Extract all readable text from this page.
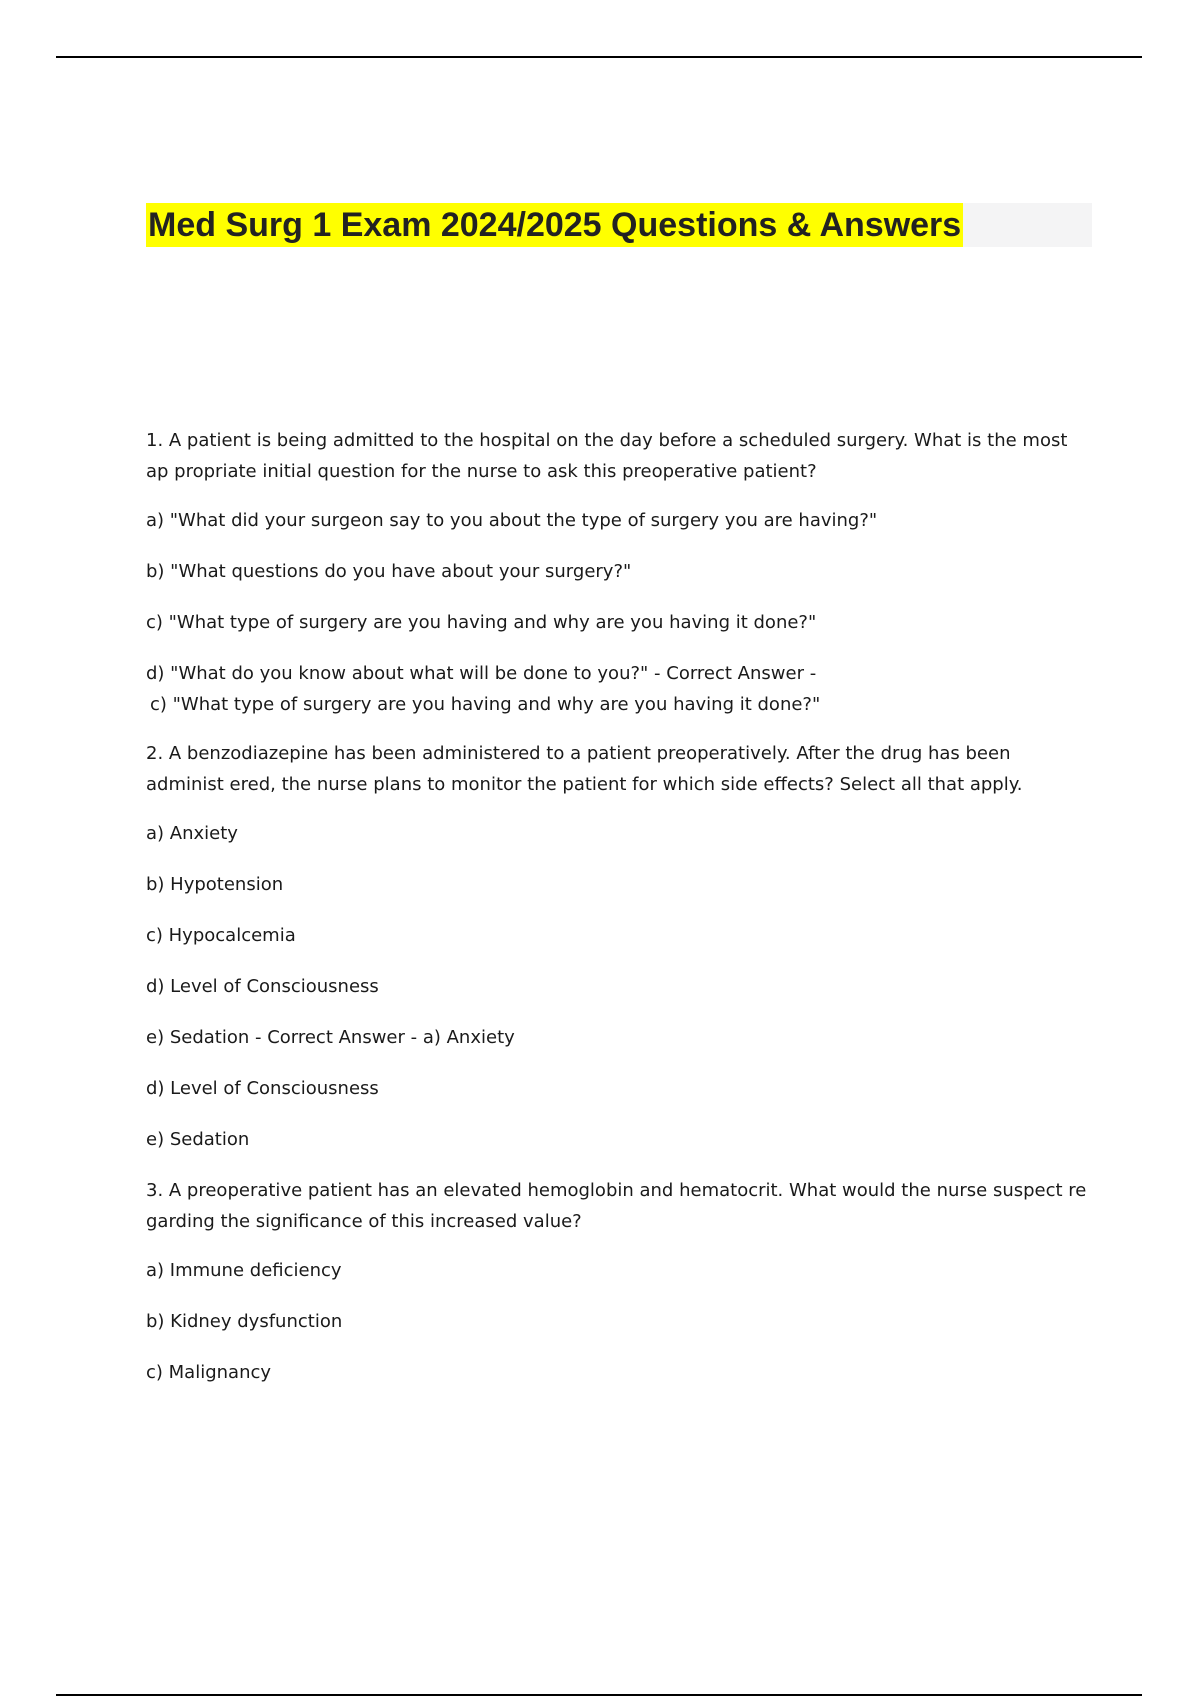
Med Surg 1 Exam 2024/2025 Questions & Answers

1. A patient is being admitted to the hospital on the day before a scheduled surgery. What is the most ap propriate initial question for the nurse to ask this preoperative patient?

a) "What did your surgeon say to you about the type of surgery you are having?"

b) "What questions do you have about your surgery?"

c) "What type of surgery are you having and why are you having it done?"

d) "What do you know about what will be done to you?" - Correct Answer -

c) "What type of surgery are you having and why are you having it done?"

2. A benzodiazepine has been administered to a patient preoperatively. After the drug has been administ ered, the nurse plans to monitor the patient for which side effects? Select all that apply.

a) Anxiety

b) Hypotension

c) Hypocalcemia

d) Level of Consciousness

e) Sedation - Correct Answer - a) Anxiety

d) Level of Consciousness

e) Sedation

3. A preoperative patient has an elevated hemoglobin and hematocrit. What would the nurse suspect re garding the significance of this increased value?

a) Immune deficiency

b) Kidney dysfunction

c) Malignancy
